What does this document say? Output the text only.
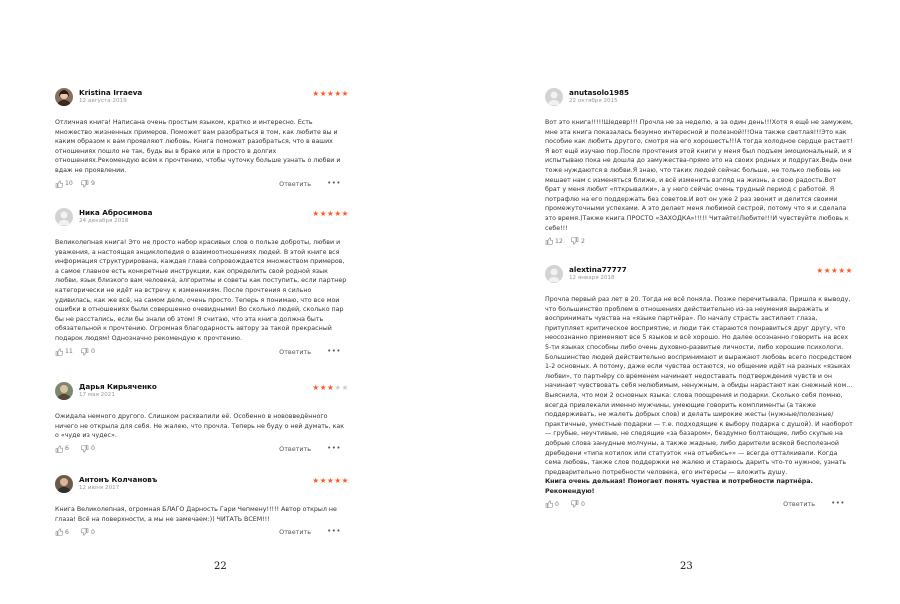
Kristina Irraeva
12 августа 2019
★★★★★

Отличная книга! Написана очень простым языком, кратко и интересно. Есть множество жизненных примеров. Поможет вам разобраться в том, как любите вы и каким образом к вам проявляют любовь. Книга поможет разобраться, что в ваших отношениях пошло не так, будь вы в браке или в просто в долгих отношениях.Рекомендую всем к прочтению, чтобы чуточку больше узнать о любви и вдаж не проявлении.

10	9	Ответить •••
Ника Абросимова
24 декабря 2018
★★★★★

Великолепная книга! Это не просто набор красивых слов о пользе доброты, любви и уважения, а настоящая энциклопедия о взаимоотношениях людей. В этой книге вся информация структурирована, каждая глава сопровождается множеством примеров, а самое главное есть конкретные инструкции, как определить свой родной язык любви, язык близкого вам человека, алгоритмы и советы как поступить, если партнер категорически не идёт на встречу к изменениям. После прочтения я сильно удивилась, как же всё, на самом деле, очень просто. Теперь я понимаю, что все мои ошибки в отношениях были совершенно очевидными! Во сколько людей, сколько пар бы не расстались, если бы знали об этом! Я считаю, что эта книга должна быть обязательной к прочтению. Огромная благодарность автору за такой прекрасный подарок людям! Однозначно рекомендую к прочтению.

11	0	Ответить •••
Дарья Кирьяченко
17 мая 2021
★★★★★

Ожидала немного другого. Слишком расхвалили её. Особенно в нововведённого ничего не открыла для себя. Не жалею, что прочла. Теперь не буду о ней думать, как о «чуде из чудес».

6	0	Ответить •••
Антонъ Колчановъ
12 июня 2017
★★★★★

Книга Великолепная, огромная БЛАГО Дарность Гари Чепмену!!!!! Автор открыл не глаза! Всё на поверхности, а мы не замечаем:)) ЧИТАТЬ ВСЕМ!!!

6	0	Ответить •••
22
anutasolo1985
22 октября 2015

Вот это книга!!!!!Шедевр!!! Прочла не за неделю, а за один день!!!Хотя я ещё не замужем, мне эта книга показалась безумно интересной и полезной!!!Она также светлая!!!Это как пособие как любить другого, смотря на его хорошесть!!!А тогда холодное сердце растает!Я вот ещё изучаю пор.После прочтения этой книги у меня был подъем эмоциональный, и я испытываю пока не дошла до замужества-прямо это на своих родных и подругах.Ведь они тоже нуждаются в любви.Я знаю, что таких людей сейчас больше, не только любовь не мешает нам с изменяться ближе, и всё изменить взгляд на жизнь, а свою радость.Вот брат у меня любит «пткрывалки», а у него сейчас очень трудный период с работой. Я потрафлю на его поддержать без советов.И вот он уже 2 раз звонит и делится своими промежуточными успехами. А это делает меня любимой сестрой, потому что я и сделала это время.)Также книга ПРОСТО «ЗАХОДКА»!!!!! Читайте!Любите!!!И чувствуйте любовь к себе!!!

12	2
alextina77777
12 января 2018
★★★★★

Прочла первый раз лет в 20. Тогда не всё поняла. Позже перечитывала. Пришла к выводу, что большинство проблем в отношениях действительно из-за неумения выражать и воспринимать чувства на «языке партнёра». По началу страсть застилает глаза, притупляет критическое восприятие, и люди так стараются понравиться друг другу, что неосознанно применяют все 5 языков и всё хорошо. Но далее осознанно говорить на всех 5-ти языках способны либо очень духовно-развитые личности, либо хорошие психологи. Большинство людей действительно воспринимают и выражают любовь всего посредством 1-2 основных. А потому, даже если чувства остаются, но общение идёт на разных «языках любви», то партнёру со временем начинает недоставать подтверждения чувств и он начинает чувствовать себя нелюбимым, ненужным, а обиды нарастают как снежный ком... Выяснила, что мои 2 основных языка: слова поощрения и подарки. Сколько себя помню, всегда привлекали именно мужчины, умеющие говорить комплименты (а также поддерживать, не жалеть добрых слов) и делать широкие жесты (нужные/полезные/практичные, уместные подарки — т.е. подходящие к выбору подарка с душой). И наоборот — грубые, неучтивые, не следящие «за базаром», бездумно болтающие, либо скупые на добрые слова занудные молчуны, а также жадные, либо дарители всякой бесполезной дребедени «типа котилок или статуэток «на отъебись»» — всегда отталкивали. Когда сема любовь, также слов поддержки не жалею и стараюсь дарить что-то нужное, узнать предварительно потребности человека, его интересы — вложить душу.

Книга очень дельная! Помогает понять чувства и потребности партнёра. Рекомендую!

0	0	Ответить •••
23
